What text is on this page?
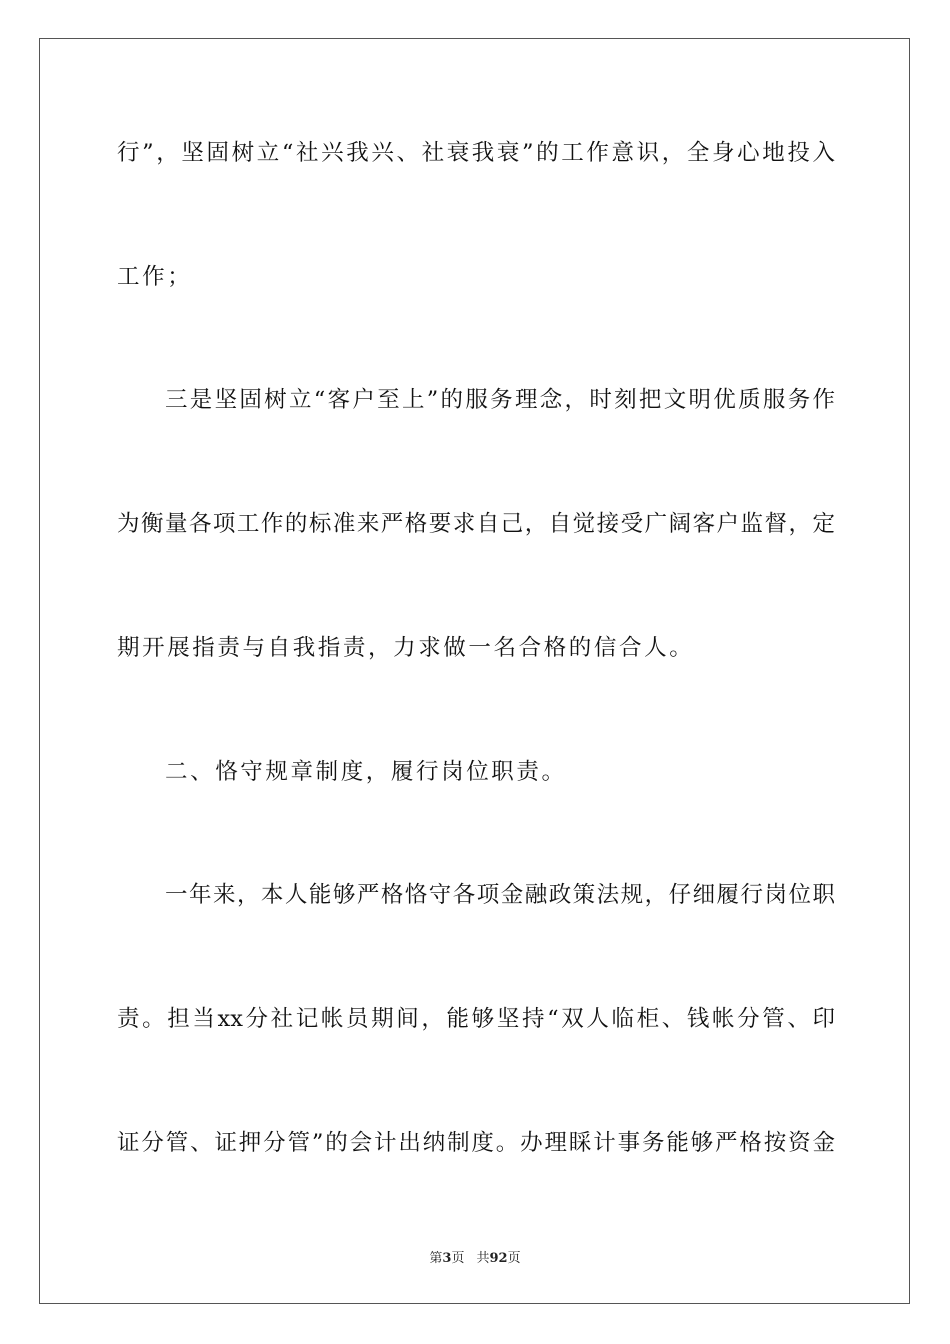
行”，坚固树立“社兴我兴、社衰我衰”的工作意识，全身心地投入
工作；
三是坚固树立“客户至上”的服务理念，时刻把文明优质服务作
为衡量各项工作的标准来严格要求自己，自觉接受广阔客户监督，定
期开展指责与自我指责，力求做一名合格的信合人。
二、恪守规章制度，履行岗位职责。
一年来，本人能够严格恪守各项金融政策法规，仔细履行岗位职
责。担当xx分社记帐员期间，能够坚持“双人临柜、钱帐分管、印
证分管、证押分管”的会计出纳制度。办理睬计事务能够严格按资金
第3页 共92页
